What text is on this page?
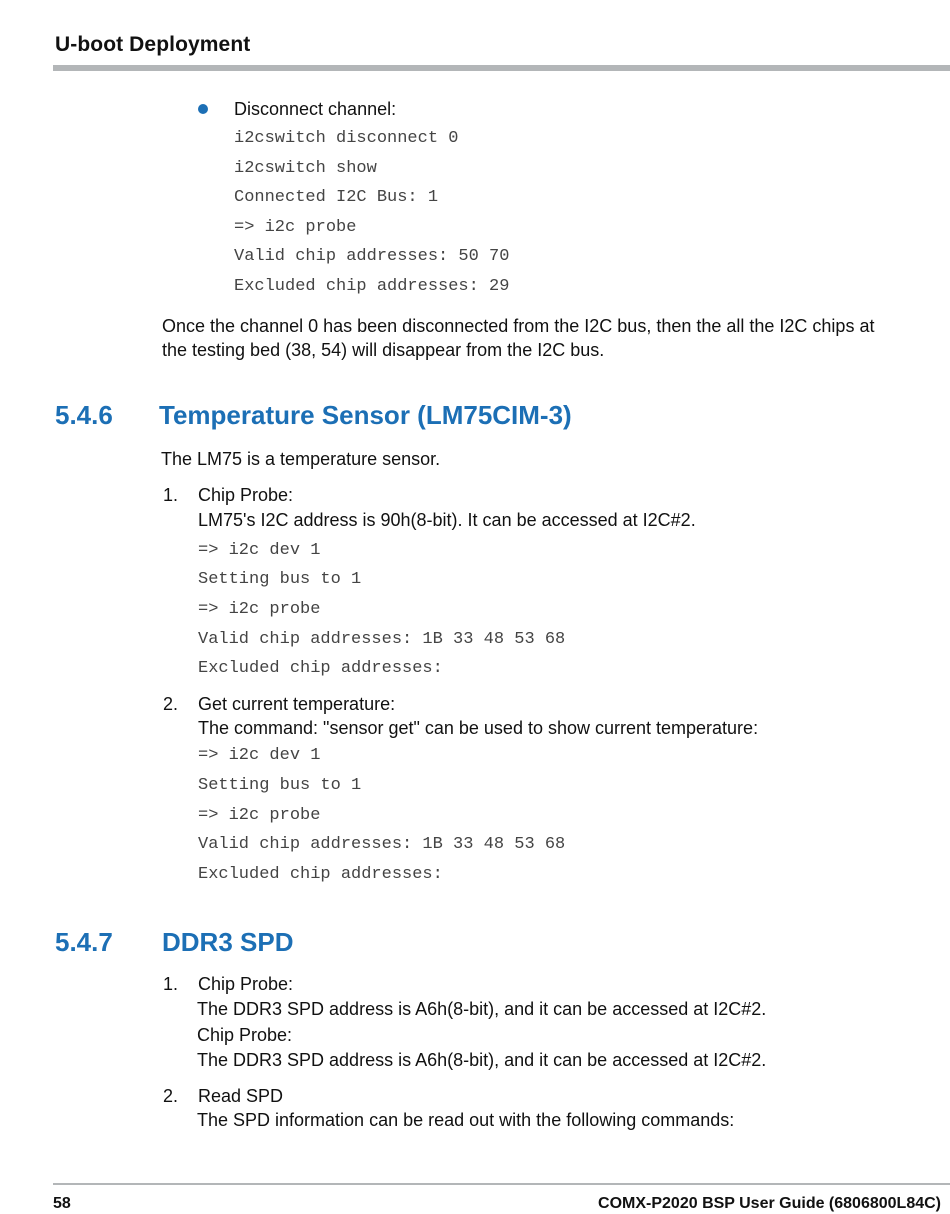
U-boot Deployment
Disconnect channel:
i2cswitch disconnect 0
i2cswitch show
Connected I2C Bus: 1
=> i2c probe
Valid chip addresses: 50 70
Excluded chip addresses: 29
Once the channel 0 has been disconnected from the I2C bus, then the all the I2C chips at
the testing bed (38, 54) will disappear from the I2C bus.
5.4.6 Temperature Sensor (LM75CIM-3)
The LM75 is a temperature sensor.
1. Chip Probe:
LM75's I2C address is 90h(8-bit). It can be accessed at I2C#2.
=> i2c dev 1
Setting bus to 1
=> i2c probe
Valid chip addresses: 1B 33 48 53 68
Excluded chip addresses:
2. Get current temperature:
The command: "sensor get" can be used to show current temperature:
=> i2c dev 1
Setting bus to 1
=> i2c probe
Valid chip addresses: 1B 33 48 53 68
Excluded chip addresses:
5.4.7 DDR3 SPD
1. Chip Probe:
The DDR3 SPD address is A6h(8-bit), and it can be accessed at I2C#2.
Chip Probe:
The DDR3 SPD address is A6h(8-bit), and it can be accessed at I2C#2.
2. Read SPD
The SPD information can be read out with the following commands:
58	COMX-P2020 BSP User Guide (6806800L84C)
